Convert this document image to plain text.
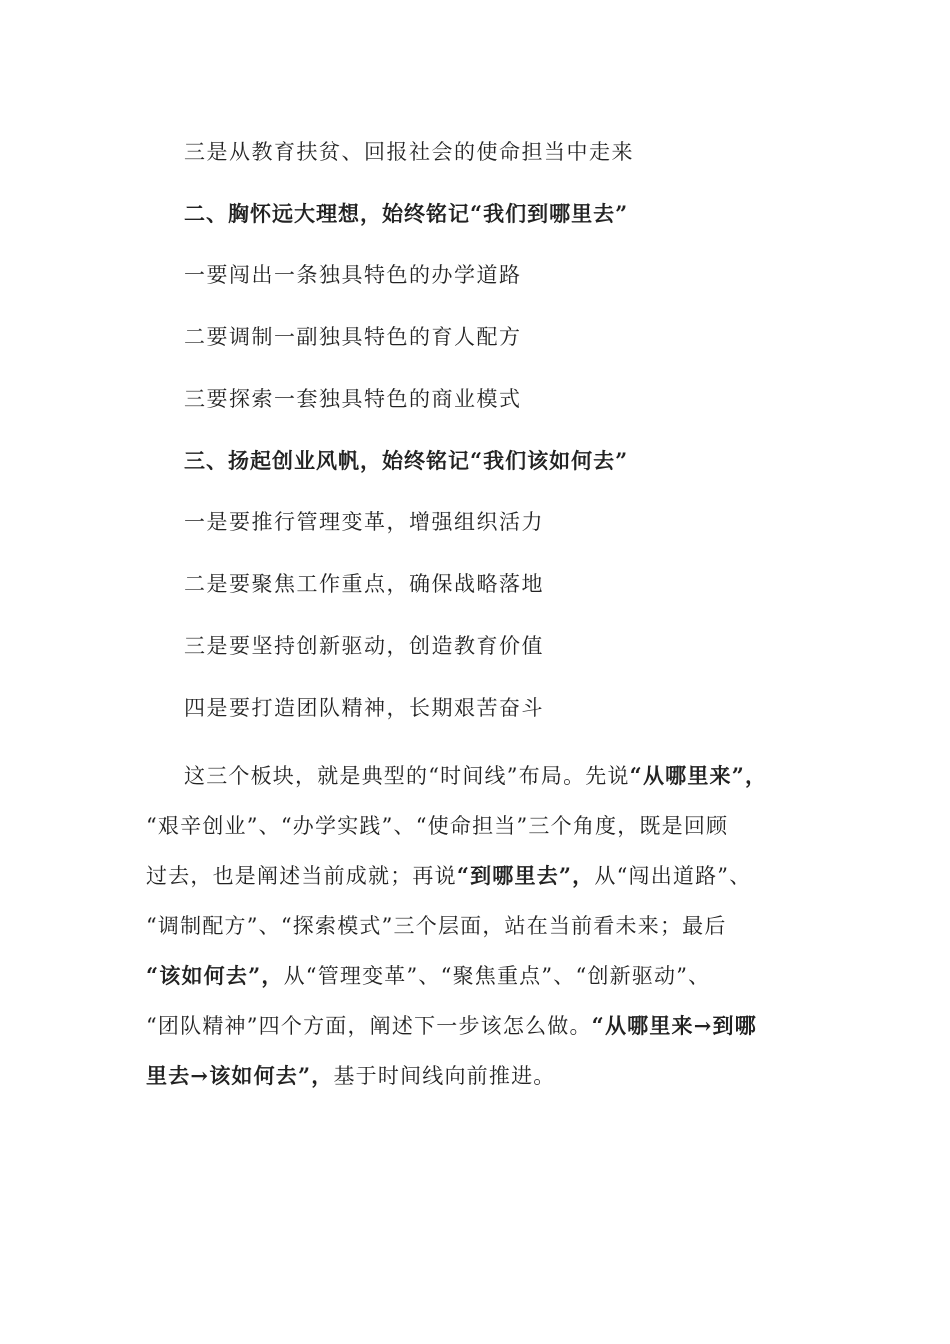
三是从教育扶贫、回报社会的使命担当中走来
二、胸怀远大理想，始终铭记“我们到哪里去”
一要闯出一条独具特色的办学道路
二要调制一副独具特色的育人配方
三要探索一套独具特色的商业模式
三、扬起创业风帆，始终铭记“我们该如何去”
一是要推行管理变革，增强组织活力
二是要聚焦工作重点，确保战略落地
三是要坚持创新驱动，创造教育价值
四是要打造团队精神，长期艰苦奋斗
这三个板块，就是典型的“时间线”布局。先说“从哪里来”，
“艰辛创业”、“办学实践”、“使命担当”三个角度，既是回顾
过去，也是阐述当前成就；再说“到哪里去”，从“闯出道路”、
“调制配方”、“探索模式”三个层面，站在当前看未来；最后
“该如何去”，从“管理变革”、“聚焦重点”、“创新驱动”、
“团队精神”四个方面，阐述下一步该怎么做。“从哪里来→到哪
里去→该如何去”，基于时间线向前推进。
